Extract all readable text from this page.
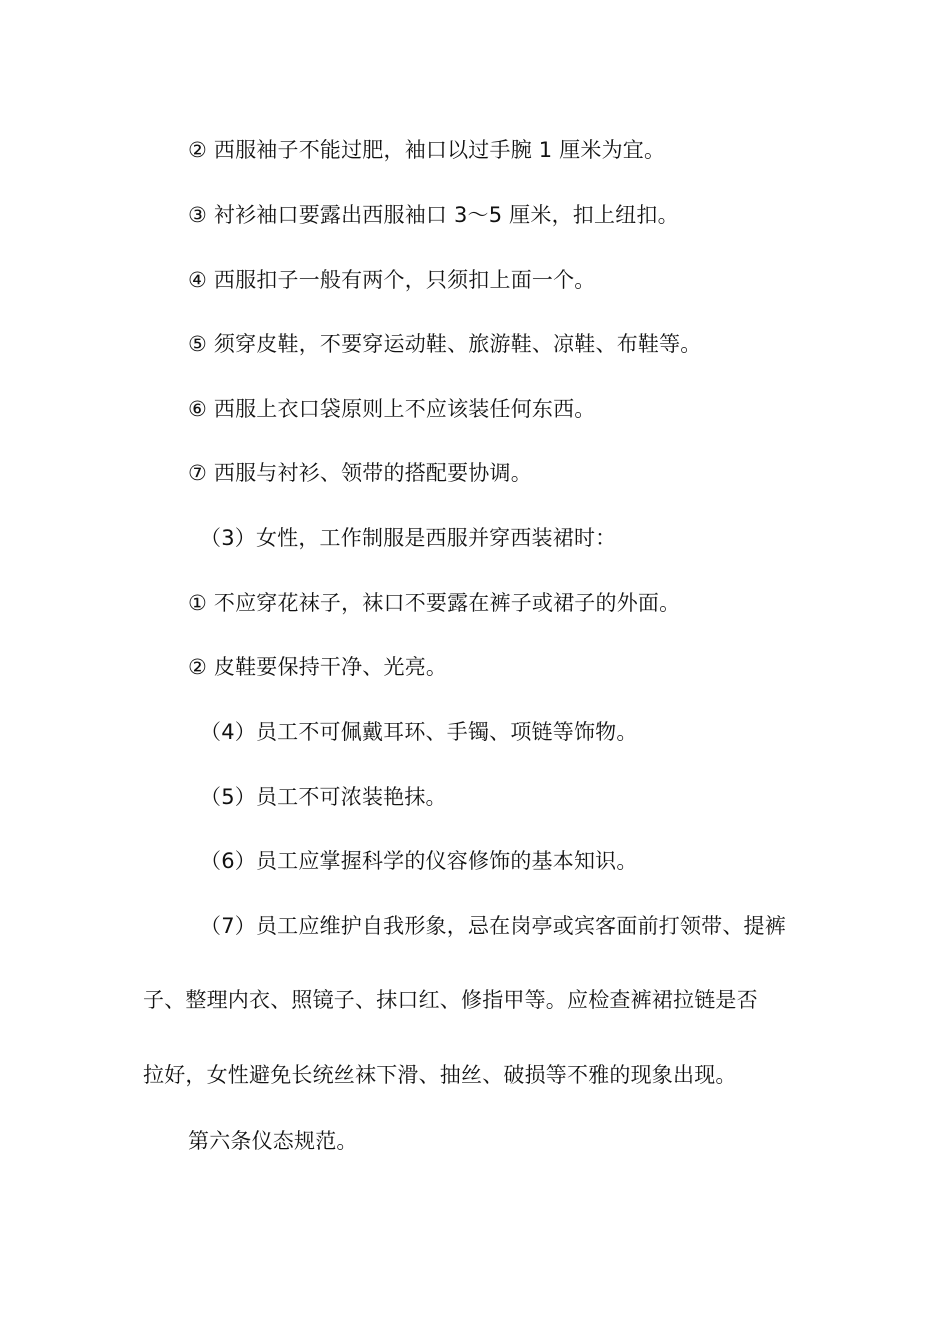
② 西服袖子不能过肥，袖口以过手腕 1 厘米为宜。
③ 衬衫袖口要露出西服袖口 3～5 厘米，扣上纽扣。
④ 西服扣子一般有两个，只须扣上面一个。
⑤ 须穿皮鞋，不要穿运动鞋、旅游鞋、凉鞋、布鞋等。
⑥ 西服上衣口袋原则上不应该装任何东西。
⑦ 西服与衬衫、领带的搭配要协调。
（3）女性，工作制服是西服并穿西装裙时：
① 不应穿花袜子，袜口不要露在裤子或裙子的外面。
② 皮鞋要保持干净、光亮。
（4）员工不可佩戴耳环、手镯、项链等饰物。
（5）员工不可浓装艳抹。
（6）员工应掌握科学的仪容修饰的基本知识。
（7）员工应维护自我形象，忌在岗亭或宾客面前打领带、提裤
子、整理内衣、照镜子、抹口红、修指甲等。应检查裤裙拉链是否
拉好，女性避免长统丝袜下滑、抽丝、破损等不雅的现象出现。
第六条仪态规范。
